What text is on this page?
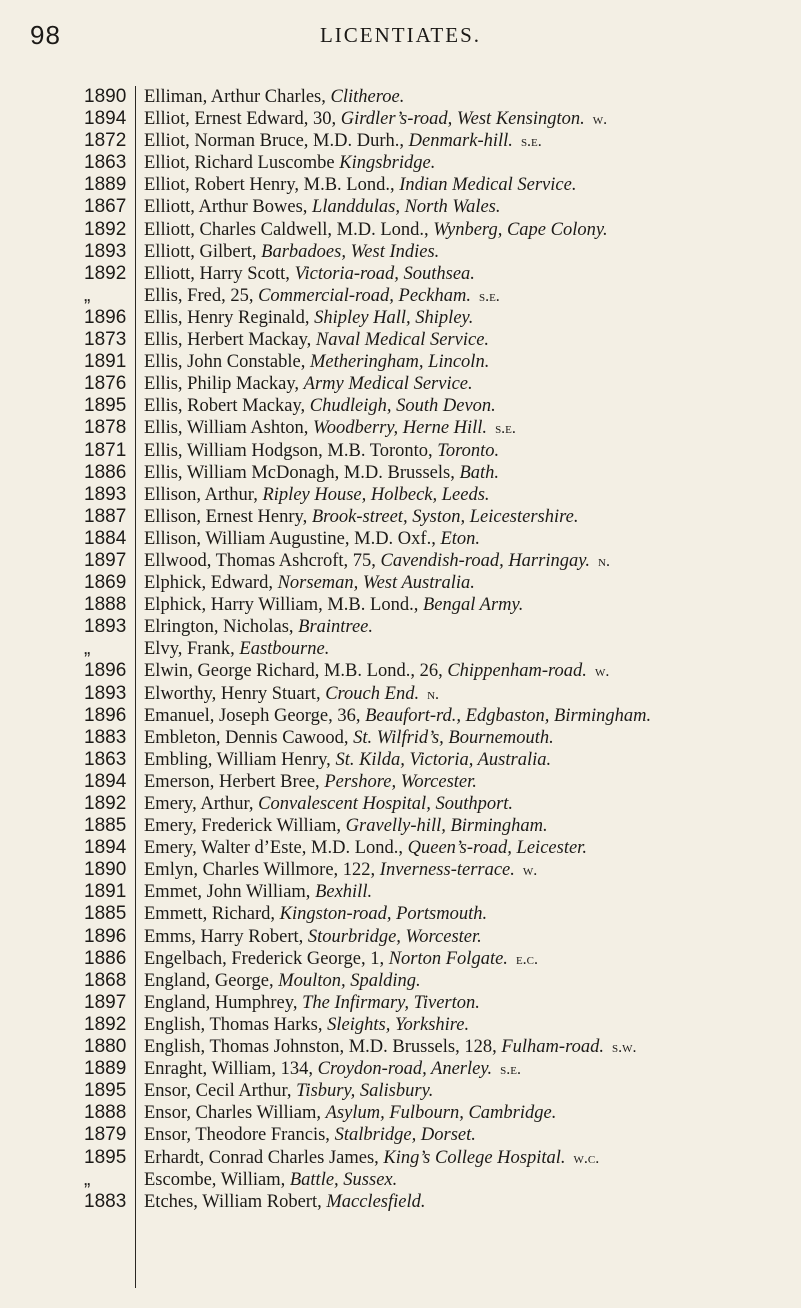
98	LICENTIATES.
1890 Elliman, Arthur Charles, Clitheroe.
1894 Elliot, Ernest Edward, 30, Girdler’s-road, West Kensington. w.
1872 Elliot, Norman Bruce, M.D. Durh., Denmark-hill. s.e.
1863 Elliot, Richard Luscombe Kingsbridge.
1889 Elliot, Robert Henry, M.B. Lond., Indian Medical Service.
1867 Elliott, Arthur Bowes, Llanddulas, North Wales.
1892 Elliott, Charles Caldwell, M.D. Lond., Wynberg, Cape Colony.
1893 Elliott, Gilbert, Barbadoes, West Indies.
1892 Elliott, Harry Scott, Victoria-road, Southsea.
„	Ellis, Fred, 25, Commercial-road, Peckham. s.e.
1896 Ellis, Henry Reginald, Shipley Hall, Shipley.
1873 Ellis, Herbert Mackay, Naval Medical Service.
1891 Ellis, John Constable, Metheringham, Lincoln.
1876 Ellis, Philip Mackay, Army Medical Service.
1895 Ellis, Robert Mackay, Chudleigh, South Devon.
1878 Ellis, William Ashton, Woodberry, Herne Hill. s.e.
1871 Ellis, William Hodgson, M.B. Toronto, Toronto.
1886 Ellis, William McDonagh, M.D. Brussels, Bath.
1893 Ellison, Arthur, Ripley House, Holbeck, Leeds.
1887 Ellison, Ernest Henry, Brook-street, Syston, Leicestershire.
1884 Ellison, William Augustine, M.D. Oxf., Eton.
1897 Ellwood, Thomas Ashcroft, 75, Cavendish-road, Harringay. n.
1869 Elphick, Edward, Norseman, West Australia.
1888 Elphick, Harry William, M.B. Lond., Bengal Army.
1893 Elrington, Nicholas, Braintree.
„	Elvy, Frank, Eastbourne.
1896 Elwin, George Richard, M.B. Lond., 26, Chippenham-road. w.
1893 Elworthy, Henry Stuart, Crouch End. n.
1896 Emanuel, Joseph George, 36, Beaufort-rd., Edgbaston, Birmingham.
1883 Embleton, Dennis Cawood, St. Wilfrid’s, Bournemouth.
1863 Embling, William Henry, St. Kilda, Victoria, Australia.
1894 Emerson, Herbert Bree, Pershore, Worcester.
1892 Emery, Arthur, Convalescent Hospital, Southport.
1885 Emery, Frederick William, Gravelly-hill, Birmingham.
1894 Emery, Walter d’Este, M.D. Lond., Queen’s-road, Leicester.
1890 Emlyn, Charles Willmore, 122, Inverness-terrace. w.
1891 Emmet, John William, Bexhill.
1885 Emmett, Richard, Kingston-road, Portsmouth.
1896 Emms, Harry Robert, Stourbridge, Worcester.
1886 Engelbach, Frederick George, 1, Norton Folgate. e.c.
1868 England, George, Moulton, Spalding.
1897 England, Humphrey, The Infirmary, Tiverton.
1892 English, Thomas Harks, Sleights, Yorkshire.
1880 English, Thomas Johnston, M.D. Brussels, 128, Fulham-road. s.w.
1889 Enraght, William, 134, Croydon-road, Anerley. s.e.
1895 Ensor, Cecil Arthur, Tisbury, Salisbury.
1888 Ensor, Charles William, Asylum, Fulbourn, Cambridge.
1879 Ensor, Theodore Francis, Stalbridge, Dorset.
1895 Erhardt, Conrad Charles James, King’s College Hospital. w.c.
„	Escombe, William, Battle, Sussex.
1883 Etches, William Robert, Macclesfield.
